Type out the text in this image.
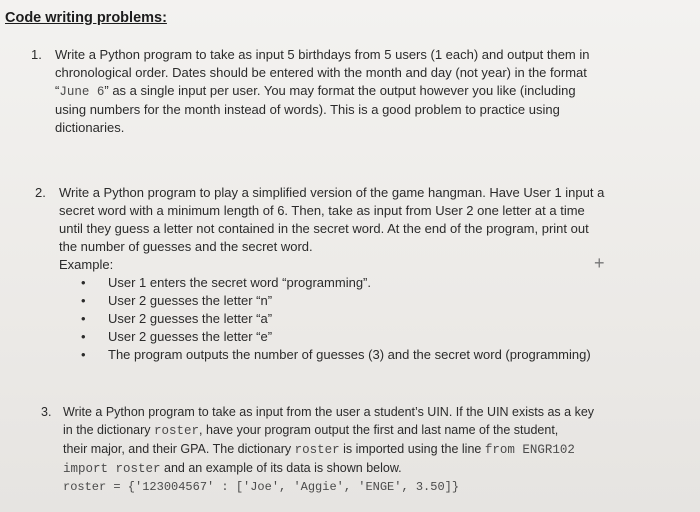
Code writing problems:
1. Write a Python program to take as input 5 birthdays from 5 users (1 each) and output them in
chronological order. Dates should be entered with the month and day (not year) in the format
“June 6” as a single input per user. You may format the output however you like (including
using numbers for the month instead of words). This is a good problem to practice using
dictionaries.
2. Write a Python program to play a simplified version of the game hangman. Have User 1 input a
secret word with a minimum length of 6. Then, take as input from User 2 one letter at a time
until they guess a letter not contained in the secret word. At the end of the program, print out
the number of guesses and the secret word.
Example:
• User 1 enters the secret word “programming”.
• User 2 guesses the letter “n”
• User 2 guesses the letter “a”
• User 2 guesses the letter “e”
• The program outputs the number of guesses (3) and the secret word (programming)
+
3. Write a Python program to take as input from the user a student’s UIN. If the UIN exists as a key
in the dictionary roster, have your program output the first and last name of the student,
their major, and their GPA. The dictionary roster is imported using the line from ENGR102
import roster and an example of its data is shown below.
roster = {'123004567' : ['Joe', 'Aggie', 'ENGE', 3.50]}
